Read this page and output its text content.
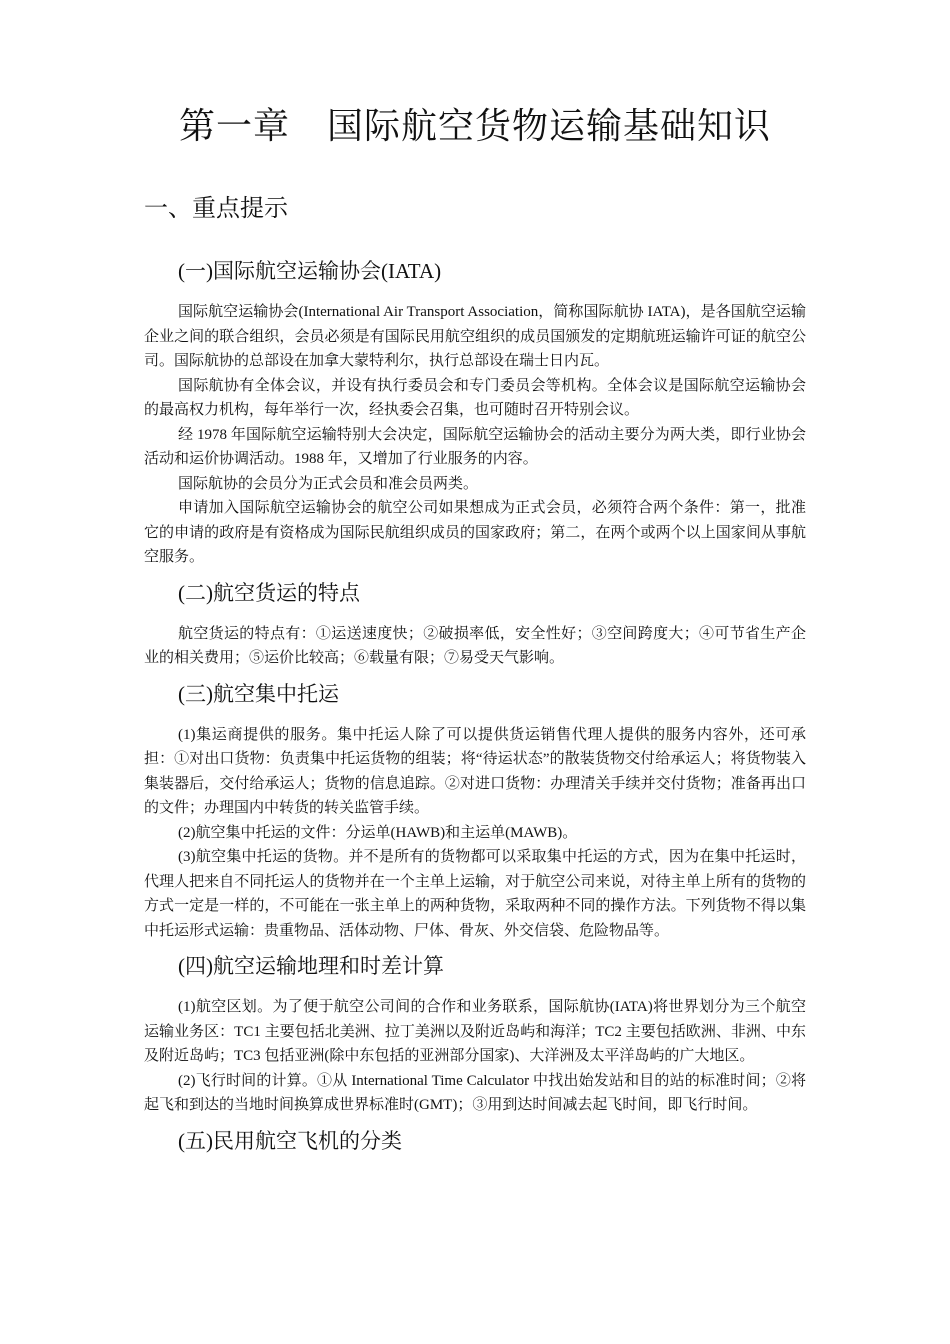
第一章　国际航空货物运输基础知识
一、重点提示
(一)国际航空运输协会(IATA)

国际航空运输协会(International Air Transport Association，简称国际航协 IATA)，是各国航空运输企业之间的联合组织，会员必须是有国际民用航空组织的成员国颁发的定期航班运输许可证的航空公司。国际航协的总部设在加拿大蒙特利尔，执行总部设在瑞士日内瓦。

国际航协有全体会议，并设有执行委员会和专门委员会等机构。全体会议是国际航空运输协会的最高权力机构，每年举行一次，经执委会召集，也可随时召开特别会议。

经 1978 年国际航空运输特别大会决定，国际航空运输协会的活动主要分为两大类，即行业协会活动和运价协调活动。1988 年，又增加了行业服务的内容。

国际航协的会员分为正式会员和准会员两类。

申请加入国际航空运输协会的航空公司如果想成为正式会员，必须符合两个条件：第一，批准它的申请的政府是有资格成为国际民航组织成员的国家政府；第二，在两个或两个以上国家间从事航空服务。

(二)航空货运的特点

航空货运的特点有：①运送速度快；②破损率低，安全性好；③空间跨度大；④可节省生产企业的相关费用；⑤运价比较高；⑥载量有限；⑦易受天气影响。

(三)航空集中托运

(1)集运商提供的服务。集中托运人除了可以提供货运销售代理人提供的服务内容外，还可承担：①对出口货物：负责集中托运货物的组装；将“待运状态”的散装货物交付给承运人；将货物装入集装器后，交付给承运人；货物的信息追踪。②对进口货物：办理清关手续并交付货物；准备再出口的文件；办理国内中转货的转关监管手续。

(2)航空集中托运的文件：分运单(HAWB)和主运单(MAWB)。

(3)航空集中托运的货物。并不是所有的货物都可以采取集中托运的方式，因为在集中托运时，代理人把来自不同托运人的货物并在一个主单上运输，对于航空公司来说，对待主单上所有的货物的方式一定是一样的，不可能在一张主单上的两种货物，采取两种不同的操作方法。下列货物不得以集中托运形式运输：贵重物品、活体动物、尸体、骨灰、外交信袋、危险物品等。

(四)航空运输地理和时差计算

(1)航空区划。为了便于航空公司间的合作和业务联系，国际航协(IATA)将世界划分为三个航空运输业务区：TC1 主要包括北美洲、拉丁美洲以及附近岛屿和海洋；TC2 主要包括欧洲、非洲、中东及附近岛屿；TC3 包括亚洲(除中东包括的亚洲部分国家)、大洋洲及太平洋岛屿的广大地区。

(2)飞行时间的计算。①从 International Time Calculator 中找出始发站和目的站的标准时间；②将起飞和到达的当地时间换算成世界标准时(GMT)；③用到达时间减去起飞时间，即飞行时间。

(五)民用航空飞机的分类
